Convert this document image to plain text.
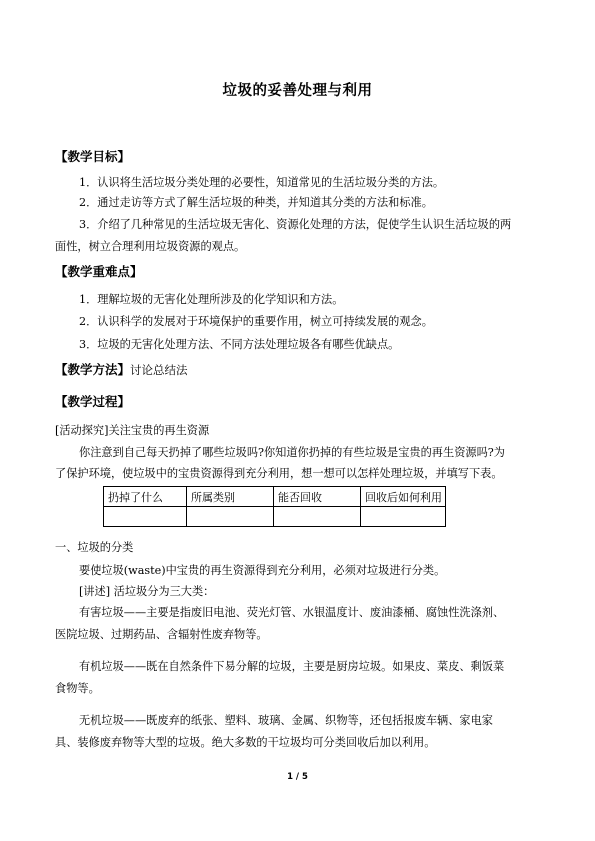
垃圾的妥善处理与利用
【教学目标】
1．认识将生活垃圾分类处理的必要性，知道常见的生活垃圾分类的方法。
2．通过走访等方式了解生活垃圾的种类，并知道其分类的方法和标准。
3．介绍了几种常见的生活垃圾无害化、资源化处理的方法，促使学生认识生活垃圾的两
面性，树立合理利用垃圾资源的观点。
【教学重难点】
1．理解垃圾的无害化处理所涉及的化学知识和方法。
2．认识科学的发展对于环境保护的重要作用，树立可持续发展的观念。
3．垃圾的无害化处理方法、不同方法处理垃圾各有哪些优缺点。
【教学方法】讨论总结法
【教学过程】
[活动探究]关注宝贵的再生资源
你注意到自己每天扔掉了哪些垃圾吗?你知道你扔掉的有些垃圾是宝贵的再生资源吗?为
了保护环境，使垃圾中的宝贵资源得到充分利用，想一想可以怎样处理垃圾，并填写下表。
扔掉了什么	所属类别	能否回收	回收后如何利用

一、垃圾的分类
要使垃圾(waste)中宝贵的再生资源得到充分利用，必须对垃圾进行分类。
[讲述] 活垃圾分为三大类：
有害垃圾——主要是指废旧电池、荧光灯管、水银温度计、废油漆桶、腐蚀性洗涤剂、
医院垃圾、过期药品、含辐射性废弃物等。
有机垃圾——既在自然条件下易分解的垃圾，主要是厨房垃圾。如果皮、菜皮、剩饭菜
食物等。
无机垃圾——既废弃的纸张、塑料、玻璃、金属、织物等，还包括报废车辆、家电家
具、装修废弃物等大型的垃圾。绝大多数的干垃圾均可分类回收后加以利用。
1 / 5
